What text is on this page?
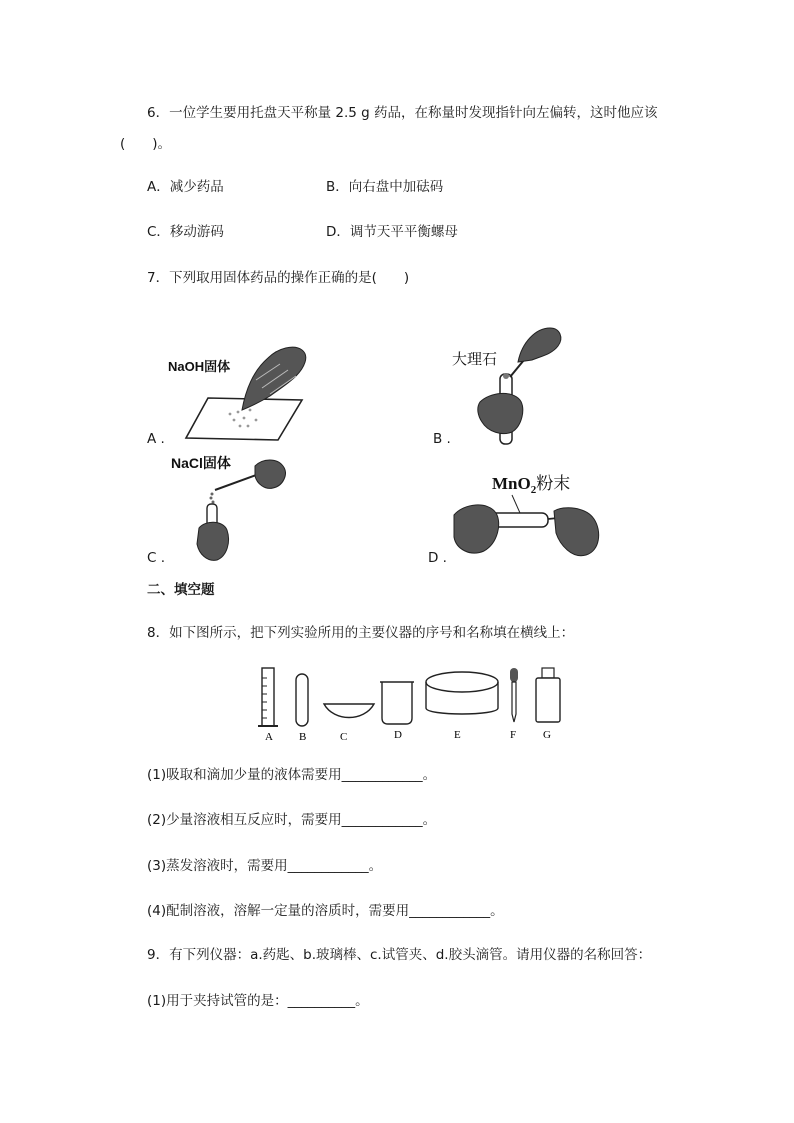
6．一位学生要用托盘天平称量 2.5 g 药品，在称量时发现指针向左偏转，这时他应该
(　　)。
A．减少药品	B．向右盘中加砝码
C．移动游码	D．调节天平平衡螺母
7．下列取用固体药品的操作正确的是(　　)
NaOH固体
A .
大理石
B .
NaCl固体
C .
MnO$_2$粉末
D .
二、填空题
8．如下图所示，把下列实验所用的主要仪器的序号和名称填在横线上：
A B	C	D	E	F G
(1)吸取和滴加少量的液体需要用____________。
(2)少量溶液相互反应时，需要用____________。
(3)蒸发溶液时，需要用____________。
(4)配制溶液，溶解一定量的溶质时，需要用____________。
9．有下列仪器：a.药匙、b.玻璃棒、c.试管夹、d.胶头滴管。请用仪器的名称回答：
(1)用于夹持试管的是：__________。
